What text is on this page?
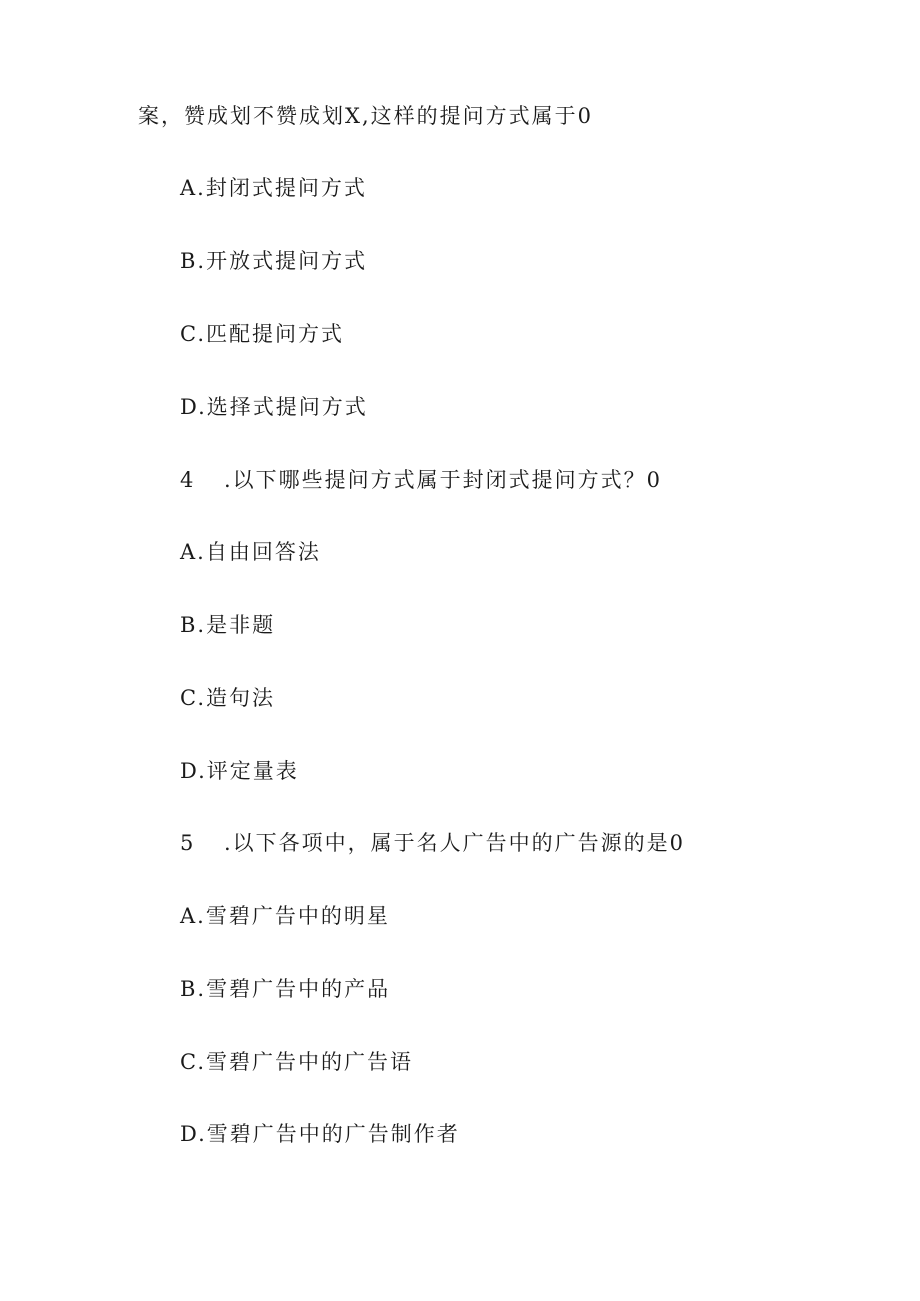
案，赞成划不赞成划X,这样的提问方式属于0
A.封闭式提问方式
B.开放式提问方式
C.匹配提问方式
D.选择式提问方式
4 .以下哪些提问方式属于封闭式提问方式？0
A.自由回答法
B.是非题
C.造句法
D.评定量表
5 .以下各项中，属于名人广告中的广告源的是0
A.雪碧广告中的明星
B.雪碧广告中的产品
C.雪碧广告中的广告语
D.雪碧广告中的广告制作者
